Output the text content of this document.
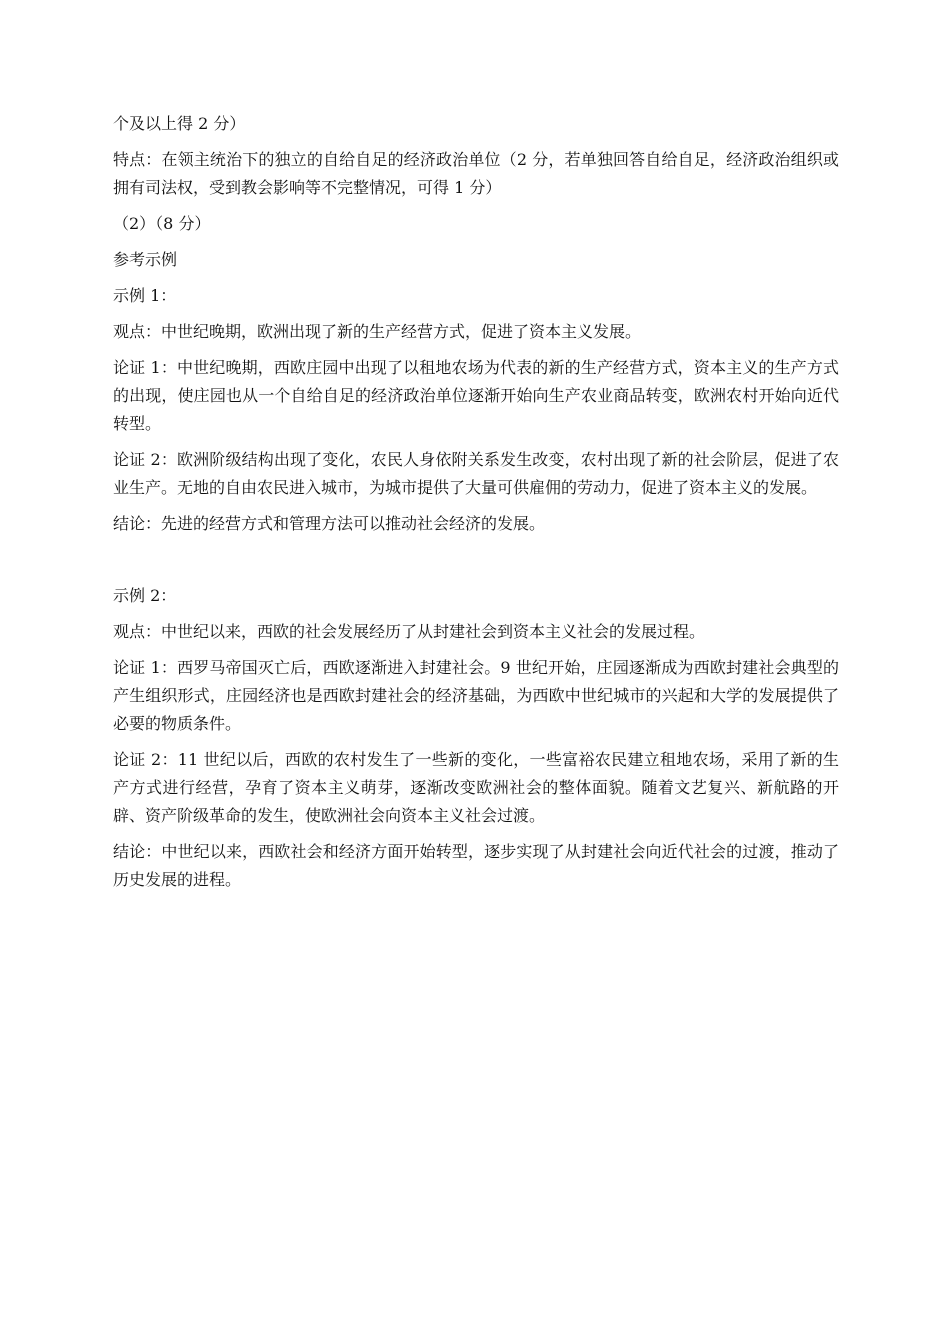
个及以上得 2 分）

特点：在领主统治下的独立的自给自足的经济政治单位（2 分，若单独回答自给自足，经济政治组织或拥有司法权，受到教会影响等不完整情况，可得 1 分）

（2）（8 分）

参考示例

示例 1：

观点：中世纪晚期，欧洲出现了新的生产经营方式，促进了资本主义发展。

论证 1：中世纪晚期，西欧庄园中出现了以租地农场为代表的新的生产经营方式，资本主义的生产方式的出现，使庄园也从一个自给自足的经济政治单位逐渐开始向生产农业商品转变，欧洲农村开始向近代转型。

论证 2：欧洲阶级结构出现了变化，农民人身依附关系发生改变，农村出现了新的社会阶层，促进了农业生产。无地的自由农民进入城市，为城市提供了大量可供雇佣的劳动力，促进了资本主义的发展。

结论：先进的经营方式和管理方法可以推动社会经济的发展。

示例 2：

观点：中世纪以来，西欧的社会发展经历了从封建社会到资本主义社会的发展过程。

论证 1：西罗马帝国灭亡后，西欧逐渐进入封建社会。9 世纪开始，庄园逐渐成为西欧封建社会典型的产生组织形式，庄园经济也是西欧封建社会的经济基础，为西欧中世纪城市的兴起和大学的发展提供了必要的物质条件。

论证 2：11 世纪以后，西欧的农村发生了一些新的变化，一些富裕农民建立租地农场，采用了新的生产方式进行经营，孕育了资本主义萌芽，逐渐改变欧洲社会的整体面貌。随着文艺复兴、新航路的开辟、资产阶级革命的发生，使欧洲社会向资本主义社会过渡。

结论：中世纪以来，西欧社会和经济方面开始转型，逐步实现了从封建社会向近代社会的过渡，推动了历史发展的进程。
